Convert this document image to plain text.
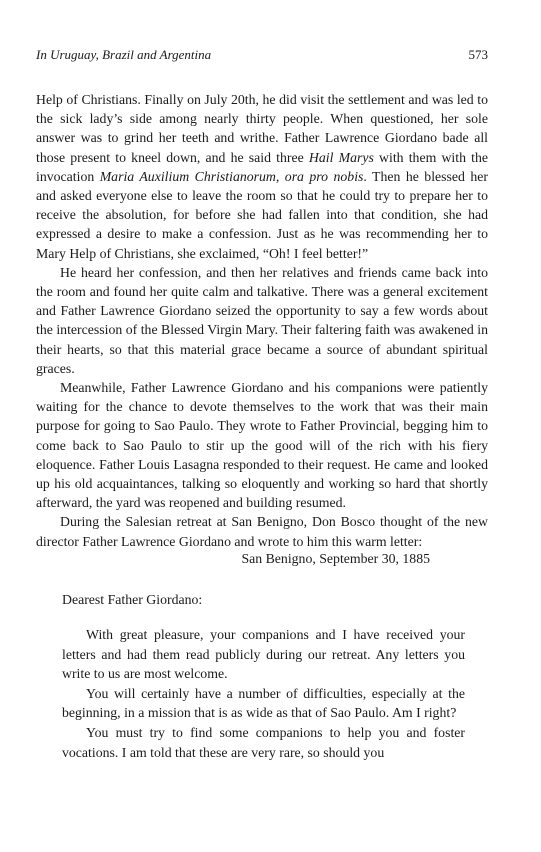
In Uruguay, Brazil and Argentina	573

Help of Christians. Finally on July 20th, he did visit the settlement and was led to the sick lady’s side among nearly thirty people. When questioned, her sole answer was to grind her teeth and writhe. Father Lawrence Giordano bade all those present to kneel down, and he said three Hail Marys with them with the invocation Maria Auxilium Christianorum, ora pro nobis. Then he blessed her and asked everyone else to leave the room so that he could try to prepare her to receive the absolution, for before she had fallen into that condition, she had expressed a desire to make a confession. Just as he was recommending her to Mary Help of Christians, she exclaimed, “Oh! I feel better!”

He heard her confession, and then her relatives and friends came back into the room and found her quite calm and talkative. There was a general excitement and Father Lawrence Giordano seized the opportunity to say a few words about the intercession of the Blessed Virgin Mary. Their faltering faith was awakened in their hearts, so that this material grace became a source of abundant spiritual graces.

Meanwhile, Father Lawrence Giordano and his companions were patiently waiting for the chance to devote themselves to the work that was their main purpose for going to Sao Paulo. They wrote to Father Provincial, begging him to come back to Sao Paulo to stir up the good will of the rich with his fiery eloquence. Father Louis Lasagna responded to their request. He came and looked up his old acquaintances, talking so eloquently and working so hard that shortly afterward, the yard was reopened and building resumed.

During the Salesian retreat at San Benigno, Don Bosco thought of the new director Father Lawrence Giordano and wrote to him this warm letter:

San Benigno, September 30, 1885
Dearest Father Giordano:

With great pleasure, your companions and I have received your letters and had them read publicly during our retreat. Any letters you write to us are most welcome.

You will certainly have a number of difficulties, especially at the beginning, in a mission that is as wide as that of Sao Paulo. Am I right?

You must try to find some companions to help you and foster vocations. I am told that these are very rare, so should you
